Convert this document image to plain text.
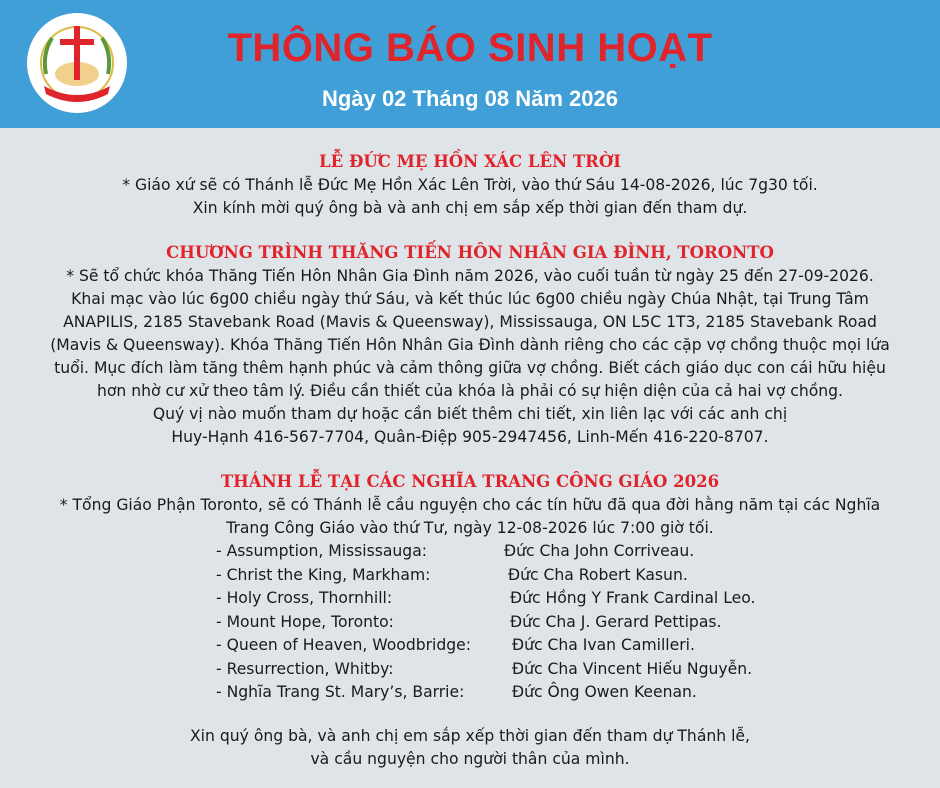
THÔNG BÁO SINH HOẠT
Ngày 02 Tháng 08 Năm 2026
LỄ ĐỨC MẸ HỒN XÁC LÊN TRỜI
* Giáo xứ sẽ có Thánh lễ Đức Mẹ Hồn Xác Lên Trời, vào thứ Sáu 14-08-2026, lúc 7g30 tối.
Xin kính mời quý ông bà và anh chị em sắp xếp thời gian đến tham dự.
CHƯƠNG TRÌNH THĂNG TIẾN HÔN NHÂN GIA ĐÌNH, TORONTO
* Sẽ tổ chức khóa Thăng Tiến Hôn Nhân Gia Đình năm 2026, vào cuối tuần từ ngày 25 đến 27-09-2026.
Khai mạc vào lúc 6g00 chiều ngày thứ Sáu, và kết thúc lúc 6g00 chiều ngày Chúa Nhật, tại Trung Tâm
ANAPILIS, 2185 Stavebank Road (Mavis & Queensway), Mississauga, ON L5C 1T3, 2185 Stavebank Road
(Mavis & Queensway). Khóa Thăng Tiến Hôn Nhân Gia Đình dành riêng cho các cặp vợ chồng thuộc mọi lứa
tuổi. Mục đích làm tăng thêm hạnh phúc và cảm thông giữa vợ chồng. Biết cách giáo dục con cái hữu hiệu
hơn nhờ cư xử theo tâm lý. Điều cần thiết của khóa là phải có sự hiện diện của cả hai vợ chồng.
Quý vị nào muốn tham dự hoặc cần biết thêm chi tiết, xin liên lạc với các anh chị
Huy-Hạnh 416-567-7704, Quân-Điệp 905-2947456, Linh-Mến 416-220-8707.
THÁNH LỄ TẠI CÁC NGHĨA TRANG CÔNG GIÁO 2026
* Tổng Giáo Phận Toronto, sẽ có Thánh lễ cầu nguyện cho các tín hữu đã qua đời hằng năm tại các Nghĩa
Trang Công Giáo vào thứ Tư, ngày 12-08-2026 lúc 7:00 giờ tối.
- Assumption, Mississauga:	Đức Cha John Corriveau.
- Christ the King, Markham:	Đức Cha Robert Kasun.
- Holy Cross, Thornhill:	Đức Hồng Y Frank Cardinal Leo.
- Mount Hope, Toronto:	Đức Cha J. Gerard Pettipas.
- Queen of Heaven, Woodbridge:	Đức Cha Ivan Camilleri.
- Resurrection, Whitby:	Đức Cha Vincent Hiếu Nguyễn.
- Nghĩa Trang St. Mary’s, Barrie:	Đức Ông Owen Keenan.
Xin quý ông bà, và anh chị em sắp xếp thời gian đến tham dự Thánh lễ,
và cầu nguyện cho người thân của mình.
